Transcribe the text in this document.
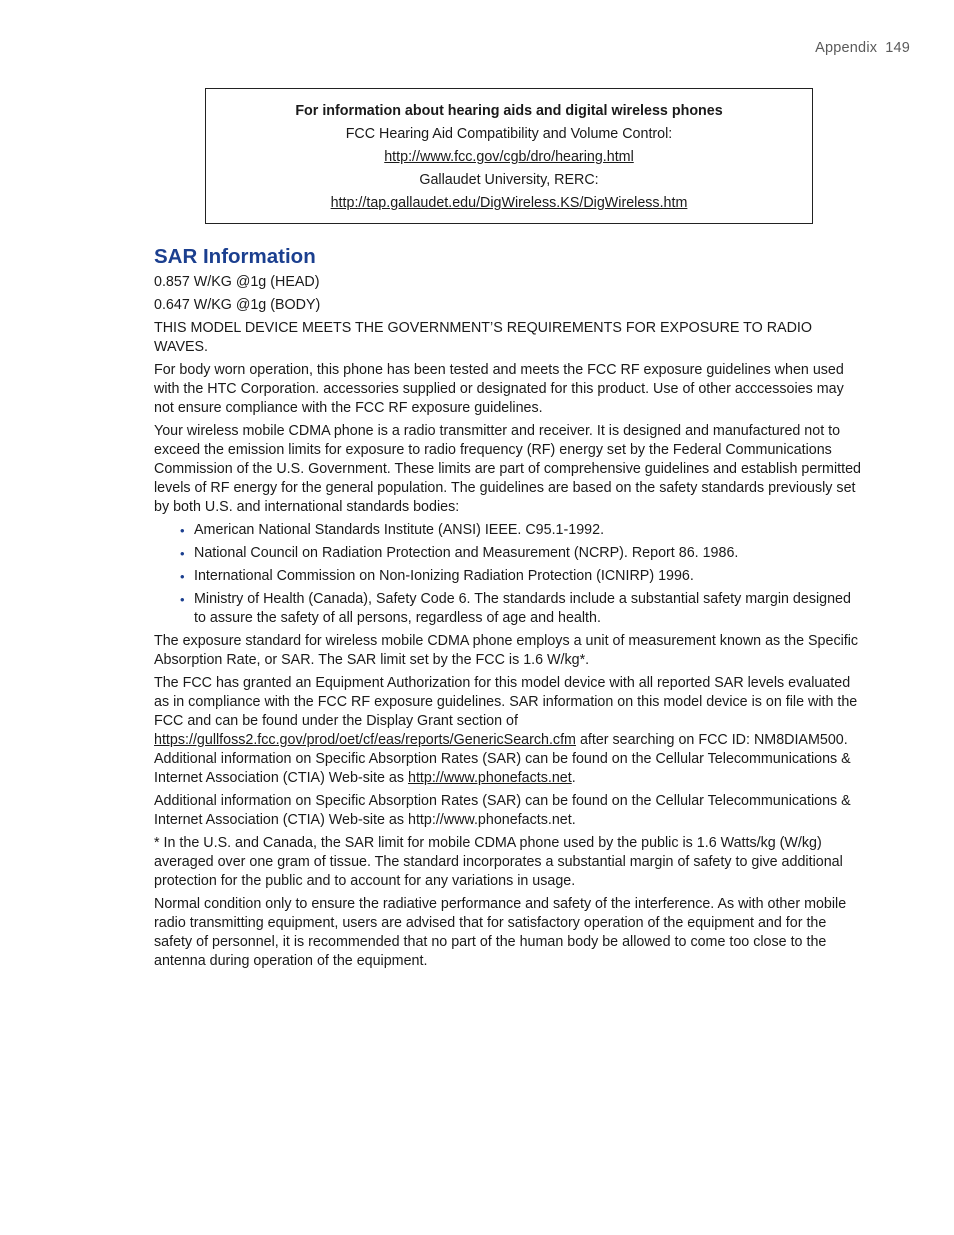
Appendix 149
For information about hearing aids and digital wireless phones
FCC Hearing Aid Compatibility and Volume Control:
http://www.fcc.gov/cgb/dro/hearing.html
Gallaudet University, RERC:
http://tap.gallaudet.edu/DigWireless.KS/DigWireless.htm
SAR Information

0.857 W/KG @1g (HEAD)

0.647 W/KG @1g (BODY)

THIS MODEL DEVICE MEETS THE GOVERNMENT’S REQUIREMENTS FOR EXPOSURE TO RADIO WAVES.

For body worn operation, this phone has been tested and meets the FCC RF exposure guidelines when used with the HTC Corporation. accessories supplied or designated for this product. Use of other acccessoies may not ensure compliance with the FCC RF exposure guidelines.

Your wireless mobile CDMA phone is a radio transmitter and receiver. It is designed and manufactured not to exceed the emission limits for exposure to radio frequency (RF) energy set by the Federal Communications Commission of the U.S. Government. These limits are part of comprehensive guidelines and establish permitted levels of RF energy for the general population. The guidelines are based on the safety standards previously set by both U.S. and international standards bodies:

• American National Standards Institute (ANSI) IEEE. C95.1-1992.
• National Council on Radiation Protection and Measurement (NCRP). Report 86. 1986.
• International Commission on Non-Ionizing Radiation Protection (ICNIRP) 1996.
• Ministry of Health (Canada), Safety Code 6. The standards include a substantial safety margin designed to assure the safety of all persons, regardless of age and health.

The exposure standard for wireless mobile CDMA phone employs a unit of measurement known as the Specific Absorption Rate, or SAR. The SAR limit set by the FCC is 1.6 W/kg*.

The FCC has granted an Equipment Authorization for this model device with all reported SAR levels evaluated as in compliance with the FCC RF exposure guidelines. SAR information on this model device is on file with the FCC and can be found under the Display Grant section of https://gullfoss2.fcc.gov/prod/oet/cf/eas/reports/GenericSearch.cfm after searching on FCC ID: NM8DIAM500. Additional information on Specific Absorption Rates (SAR) can be found on the Cellular Telecommunications & Internet Association (CTIA) Web-site as http://www.phonefacts.net.

Additional information on Specific Absorption Rates (SAR) can be found on the Cellular Telecommunications & Internet Association (CTIA) Web-site as http://www.phonefacts.net.

* In the U.S. and Canada, the SAR limit for mobile CDMA phone used by the public is 1.6 Watts/kg (W/kg) averaged over one gram of tissue. The standard incorporates a substantial margin of safety to give additional protection for the public and to account for any variations in usage.

Normal condition only to ensure the radiative performance and safety of the interference. As with other mobile radio transmitting equipment, users are advised that for satisfactory operation of the equipment and for the safety of personnel, it is recommended that no part of the human body be allowed to come too close to the antenna during operation of the equipment.
